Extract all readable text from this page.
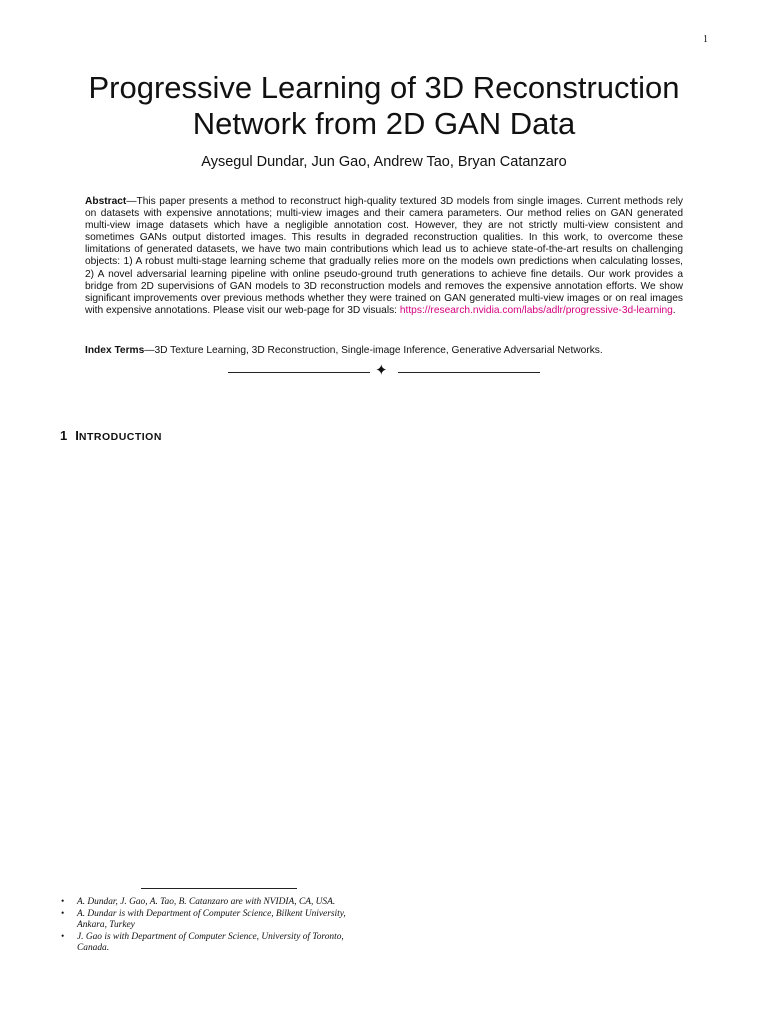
1
Progressive Learning of 3D Reconstruction
Network from 2D GAN Data
Aysegul Dundar, Jun Gao, Andrew Tao, Bryan Catanzaro

Abstract—This paper presents a method to reconstruct high-quality textured 3D models from single images. Current methods rely on datasets with expensive annotations; multi-view images and their camera parameters. Our method relies on GAN generated multi-view image datasets which have a negligible annotation cost. However, they are not strictly multi-view consistent and sometimes GANs output distorted images. This results in degraded reconstruction qualities. In this work, to overcome these limitations of generated datasets, we have two main contributions which lead us to achieve state-of-the-art results on challenging objects: 1) A robust multi-stage learning scheme that gradually relies more on the models own predictions when calculating losses, 2) A novel adversarial learning pipeline with online pseudo-ground truth generations to achieve fine details. Our work provides a bridge from 2D supervisions of GAN models to 3D reconstruction models and removes the expensive annotation efforts. We show significant improvements over previous methods whether they were trained on GAN generated multi-view images or on real images with expensive annotations. Please visit our web-page for 3D visuals: https://research.nvidia.com/labs/adlr/progressive-3d-learning.

Index Terms—3D Texture Learning, 3D Reconstruction, Single-image Inference, Generative Adversarial Networks.
✦
1 INTRODUCTION

• A. Dundar, J. Gao, A. Tao, B. Catanzaro are with NVIDIA, CA, USA.
• A. Dundar is with Department of Computer Science, Bilkent University, Ankara, Turkey
• J. Gao is with Department of Computer Science, University of Toronto, Canada.
